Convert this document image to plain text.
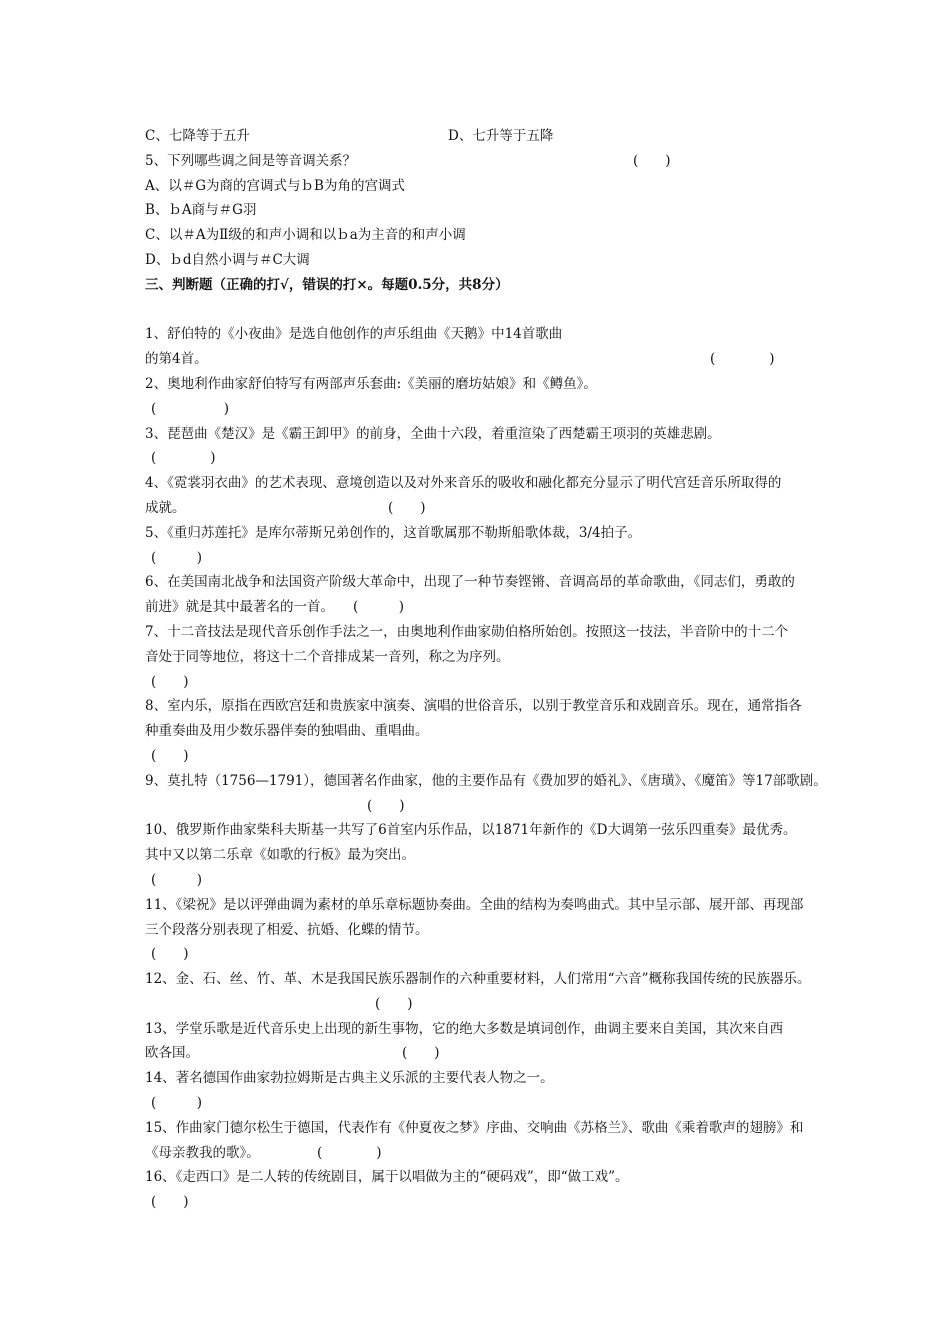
C、七降等于五升	D、七升等于五降
5、下列哪些调之间是等音调关系？	(　　)
A、以＃G为商的宫调式与ｂB为角的宫调式
B、ｂA商与＃G羽
C、以＃A为Ⅱ级的和声小调和以ｂa为主音的和声小调
D、ｂd自然小调与＃C大调
三、判断题（正确的打√，错误的打×。每题0.5分，共8分）
1、舒伯特的《小夜曲》是选自他创作的声乐组曲《天鹅》中14首歌曲
的第4首。	(　　　　)
2、奥地利作曲家舒伯特写有两部声乐套曲:《美丽的磨坊姑娘》和《鳟鱼》。
(　　　　　)
3、琵琶曲《楚汉》是《霸王卸甲》的前身，全曲十六段，着重渲染了西楚霸王项羽的英雄悲剧。
(　　　　)
4、《霓裳羽衣曲》的艺术表现、意境创造以及对外来音乐的吸收和融化都充分显示了明代宫廷音乐所取得的
成就。	(　　)
5、《重归苏莲托》是库尔蒂斯兄弟创作的，这首歌属那不勒斯船歌体裁，3/4拍子。
(　　　)
6、在美国南北战争和法国资产阶级大革命中，出现了一种节奏铿锵、音调高昂的革命歌曲，《同志们，勇敢的
前进》就是其中最著名的一首。 (　　　)
7、十二音技法是现代音乐创作手法之一，由奥地利作曲家勋伯格所始创。按照这一技法，半音阶中的十二个
音处于同等地位，将这十二个音排成某一音列，称之为序列。
(　　)
8、室内乐，原指在西欧宫廷和贵族家中演奏、演唱的世俗音乐，以别于教堂音乐和戏剧音乐。现在，通常指各
种重奏曲及用少数乐器伴奏的独唱曲、重唱曲。
(　　)
9、莫扎特（1756—1791），德国著名作曲家，他的主要作品有《费加罗的婚礼》、《唐璜》、《魔笛》等17部歌剧。
(　　)
10、俄罗斯作曲家柴科夫斯基一共写了6首室内乐作品，以1871年新作的《D大调第一弦乐四重奏》最优秀。
其中又以第二乐章《如歌的行板》最为突出。
(　　　)
11、《梁祝》是以评弹曲调为素材的单乐章标题协奏曲。全曲的结构为奏鸣曲式。其中呈示部、展开部、再现部
三个段落分别表现了相爱、抗婚、化蝶的情节。
(　　)
12、金、石、丝、竹、革、木是我国民族乐器制作的六种重要材料，人们常用“六音”概称我国传统的民族器乐。
(　　)
13、学堂乐歌是近代音乐史上出现的新生事物，它的绝大多数是填词创作，曲调主要来自美国，其次来自西
欧各国。	(　　)
14、著名德国作曲家勃拉姆斯是古典主义乐派的主要代表人物之一。
(　　　)
15、作曲家门德尔松生于德国，代表作有《仲夏夜之梦》序曲、交响曲《苏格兰》、歌曲《乘着歌声的翅膀》和
《母亲教我的歌》。	(　　　　)
16、《走西口》是二人转的传统剧目，属于以唱做为主的“硬码戏”，即“做工戏”。
(　　)
